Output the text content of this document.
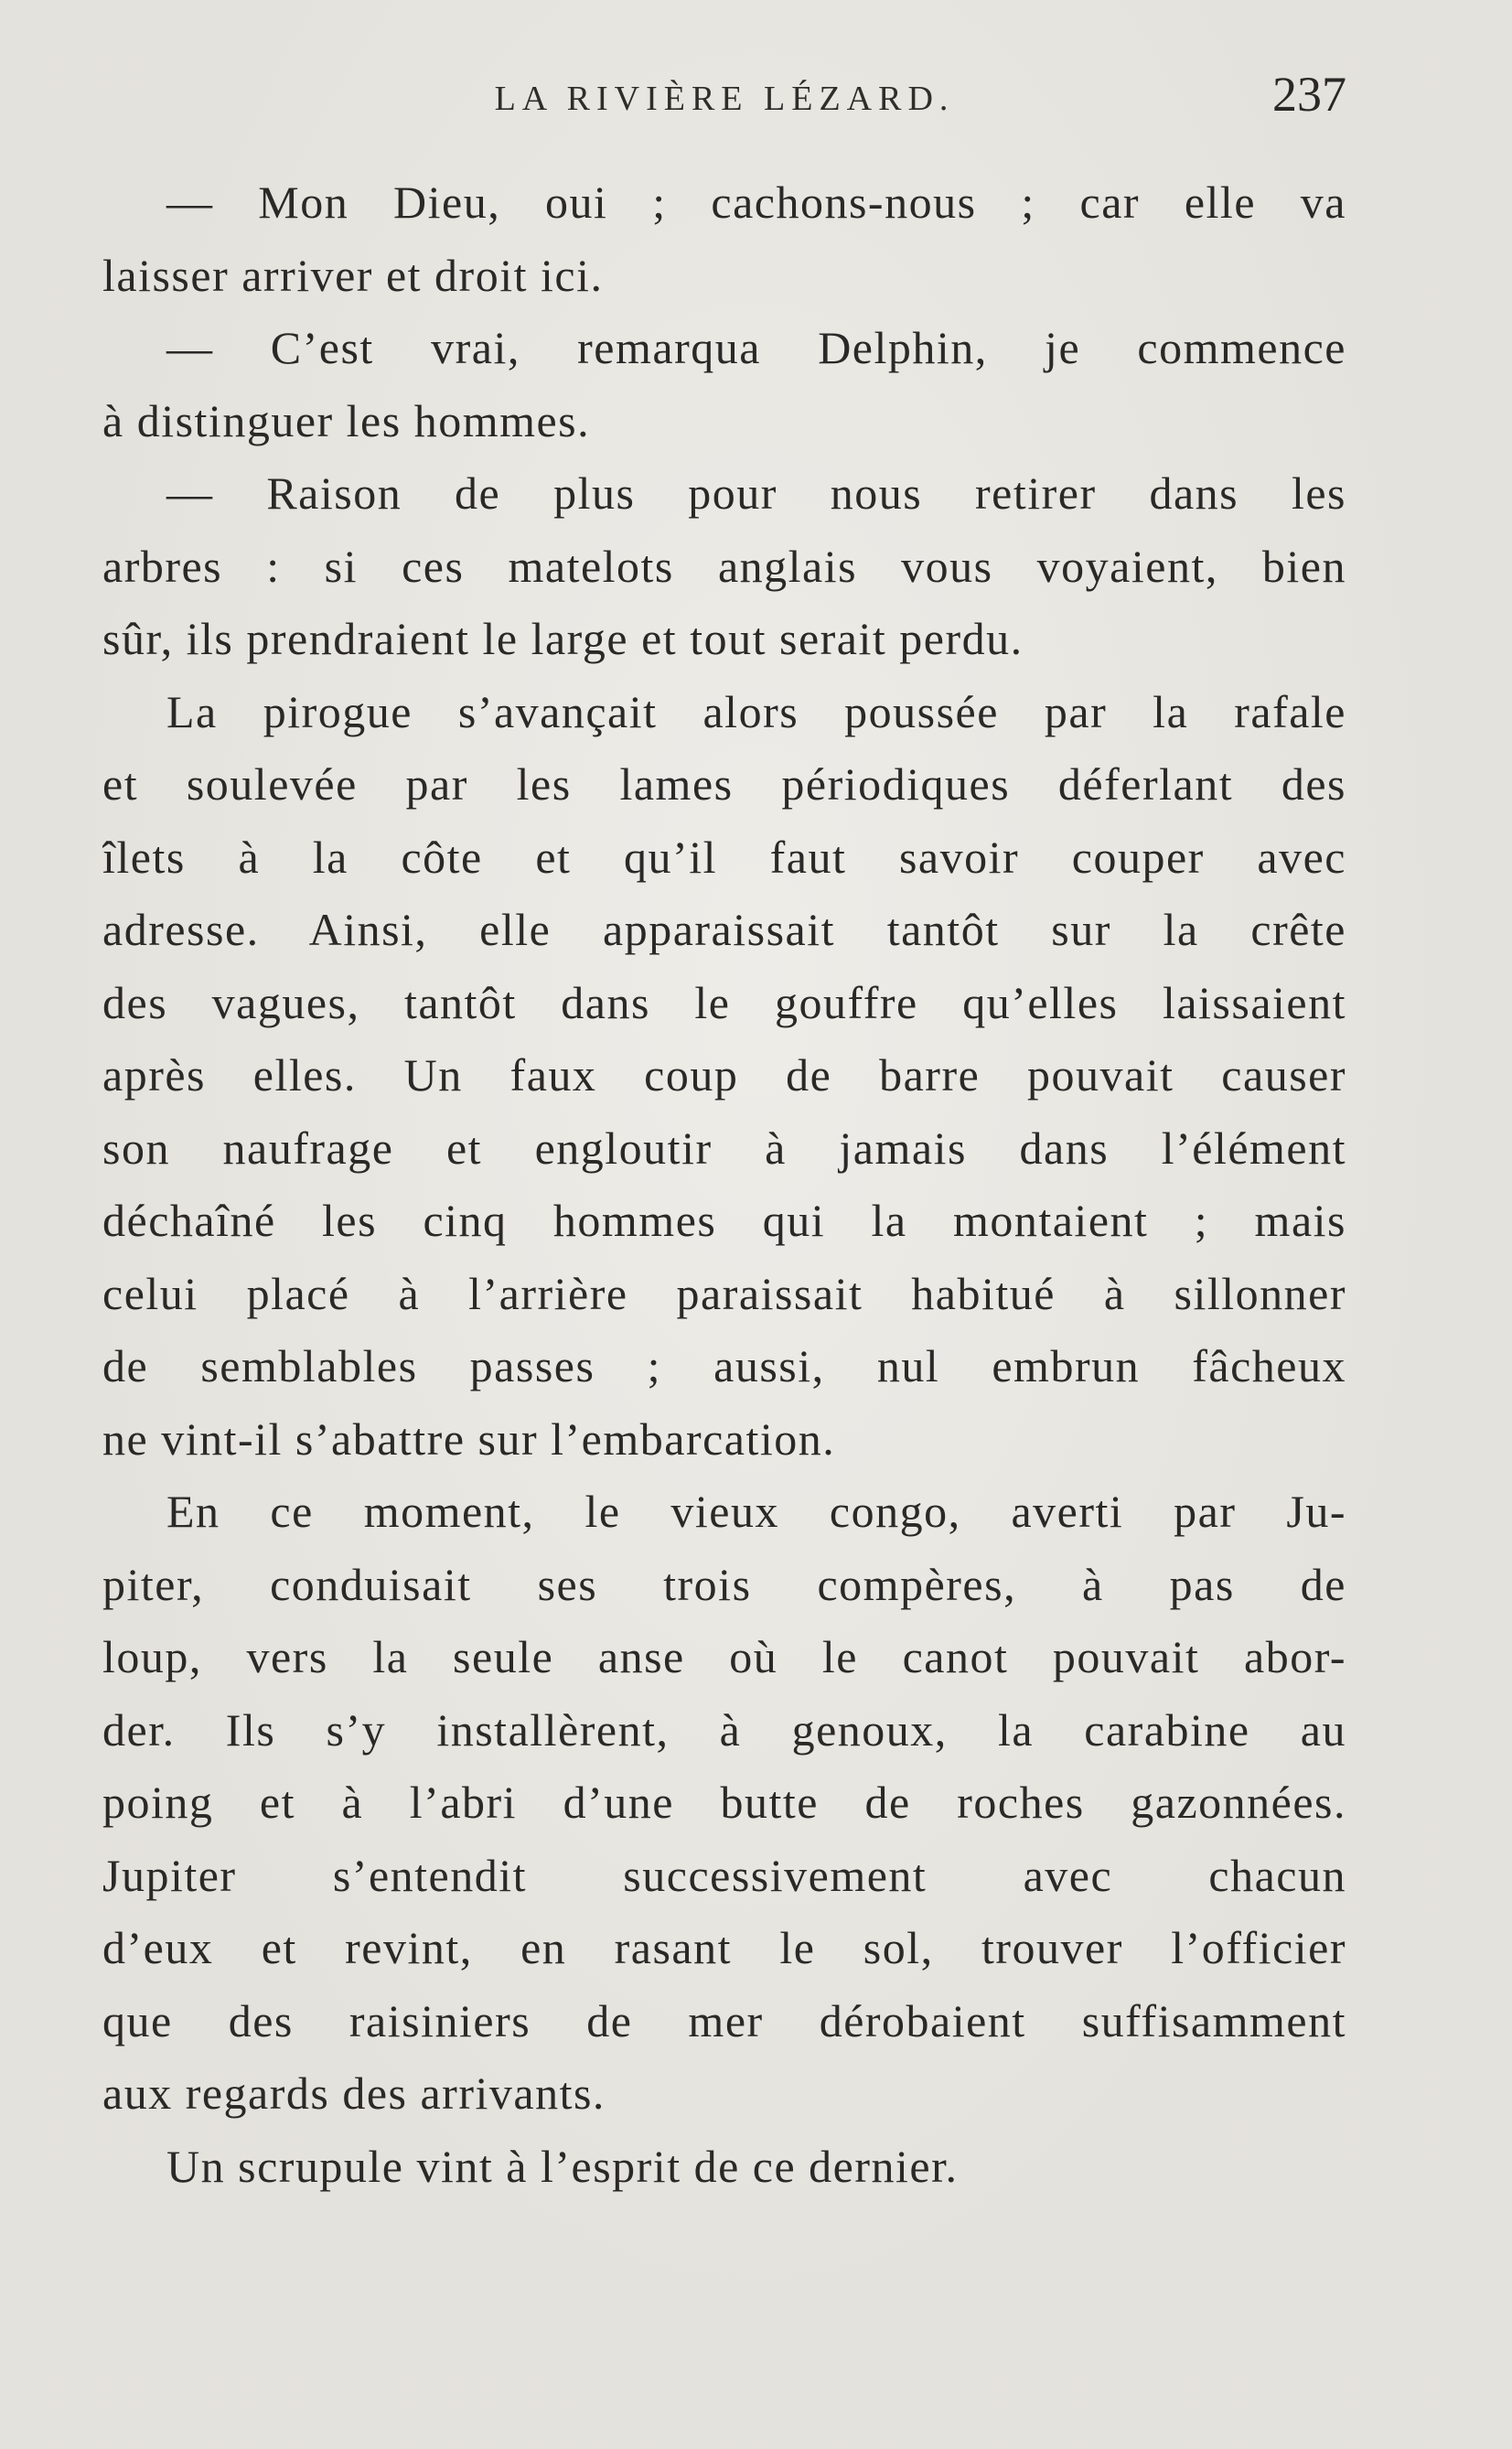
LA RIVIÈRE LÉZARD.	237
— Mon Dieu, oui ; cachons-nous ; car elle va
laisser arriver et droit ici.
— C’est vrai, remarqua Delphin, je commence
à distinguer les hommes.
— Raison de plus pour nous retirer dans les
arbres : si ces matelots anglais vous voyaient, bien
sûr, ils prendraient le large et tout serait perdu.
La pirogue s’avançait alors poussée par la rafale
et soulevée par les lames périodiques déferlant des
îlets à la côte et qu’il faut savoir couper avec
adresse. Ainsi, elle apparaissait tantôt sur la crête
des vagues, tantôt dans le gouffre qu’elles laissaient
après elles. Un faux coup de barre pouvait causer
son naufrage et engloutir à jamais dans l’élément
déchaîné les cinq hommes qui la montaient ; mais
celui placé à l’arrière paraissait habitué à sillonner
de semblables passes ; aussi, nul embrun fâcheux
ne vint-il s’abattre sur l’embarcation.
En ce moment, le vieux congo, averti par Ju-
piter, conduisait ses trois compères, à pas de
loup, vers la seule anse où le canot pouvait abor-
der. Ils s’y installèrent, à genoux, la carabine au
poing et à l’abri d’une butte de roches gazonnées.
Jupiter s’entendit successivement avec chacun
d’eux et revint, en rasant le sol, trouver l’officier
que des raisiniers de mer dérobaient suffisamment
aux regards des arrivants.
Un scrupule vint à l’esprit de ce dernier.
